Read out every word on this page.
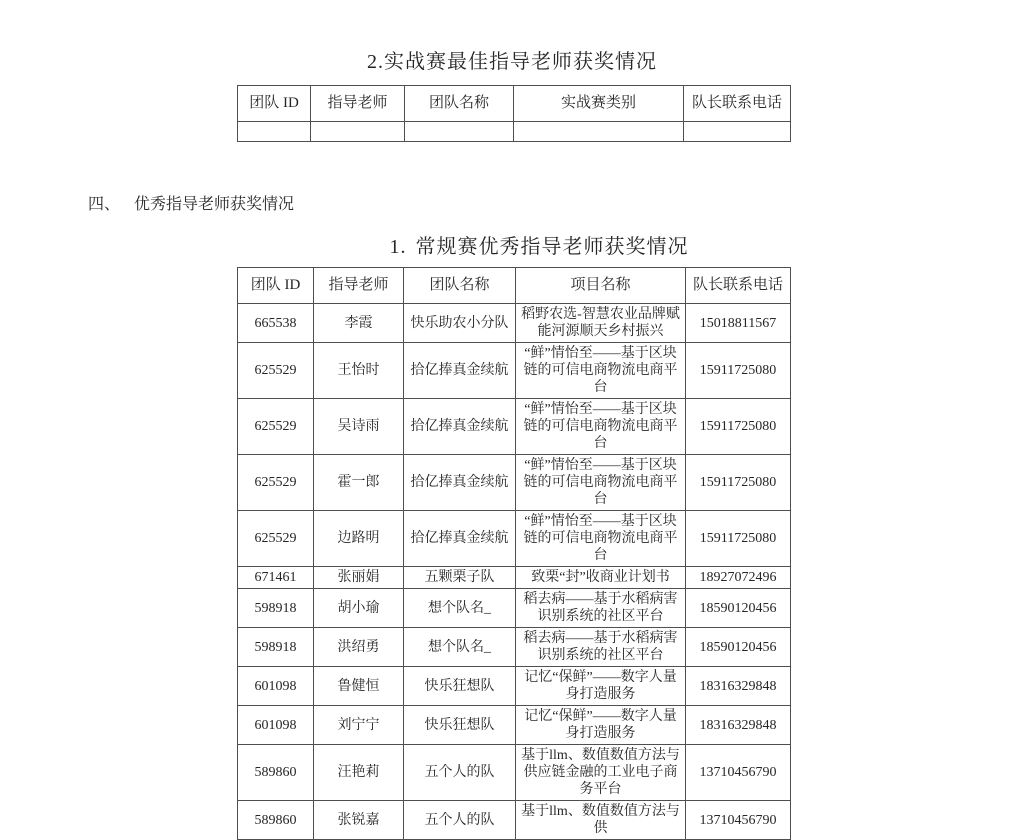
2.实战赛最佳指导老师获奖情况
团队 ID	指导老师	团队名称	实战赛类别	队长联系电话

四、 优秀指导老师获奖情况
1. 常规赛优秀指导老师获奖情况
团队 ID	指导老师	团队名称	项目名称	队长联系电话
665538	李霞	快乐助农小分队	稻野农选-智慧农业品牌赋能河源顺天乡村振兴	15018811567
625529	王怡时	拾亿捧真金续航	“鲜”情怡至——基于区块链的可信电商物流电商平台	15911725080
625529	吴诗雨	拾亿捧真金续航	“鲜”情怡至——基于区块链的可信电商物流电商平台	15911725080
625529	霍一郎	拾亿捧真金续航	“鲜”情怡至——基于区块链的可信电商物流电商平台	15911725080
625529	边路明	拾亿捧真金续航	“鲜”情怡至——基于区块链的可信电商物流电商平台	15911725080
671461	张丽娟	五颗栗子队	致栗“封”收商业计划书	18927072496
598918	胡小瑜	想个队名_	稻去病——基于水稻病害识别系统的社区平台	18590120456
598918	洪绍勇	想个队名_	稻去病——基于水稻病害识别系统的社区平台	18590120456
601098	鲁健恒	快乐狂想队	记忆“保鲜”——数字人量身打造服务	18316329848
601098	刘宁宁	快乐狂想队	记忆“保鲜”——数字人量身打造服务	18316329848
589860	汪艳莉	五个人的队	基于llm、数值数值方法与供应链金融的工业电子商务平台	13710456790
589860	张锐嘉	五个人的队	基于llm、数值数值方法与供	13710456790
